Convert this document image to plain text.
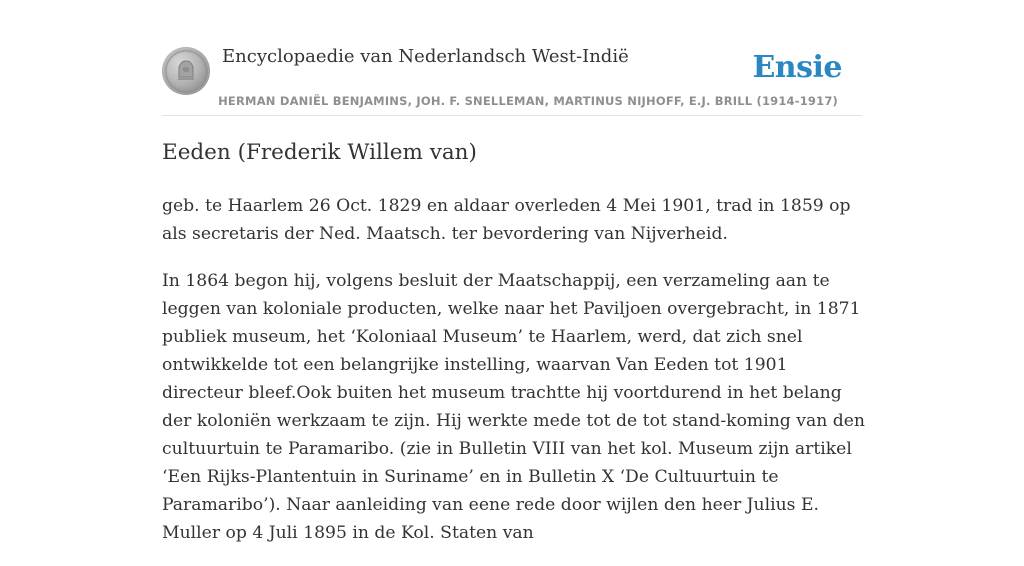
Encyclopaedie van Nederlandsch West-Indië	Ensie
HERMAN DANIËL BENJAMINS, JOH. F. SNELLEMAN, MARTINUS NIJHOFF, E.J. BRILL (1914-1917)
Eeden (Frederik Willem van)

geb. te Haarlem 26 Oct. 1829 en aldaar overleden 4 Mei 1901, trad in 1859 op als secretaris der Ned. Maatsch. ter bevordering van Nijverheid.

In 1864 begon hij, volgens besluit der Maatschappij, een verzameling aan te leggen van koloniale producten, welke naar het Paviljoen overgebracht, in 1871 publiek museum, het ‘Koloniaal Museum’ te Haarlem, werd, dat zich snel ontwikkelde tot een belangrijke instelling, waarvan Van Eeden tot 1901 directeur bleef.Ook buiten het museum trachtte hij voortdurend in het belang der koloniën werkzaam te zijn. Hij werkte mede tot de tot stand-koming van den cultuurtuin te Paramaribo. (zie in Bulletin VIII van het kol. Museum zijn artikel ‘Een Rijks-Plantentuin in Suriname’ en in Bulletin X ‘De Cultuurtuin te Paramaribo’). Naar aanleiding van eene rede door wijlen den heer Julius E. Muller op 4 Juli 1895 in de Kol. Staten van
